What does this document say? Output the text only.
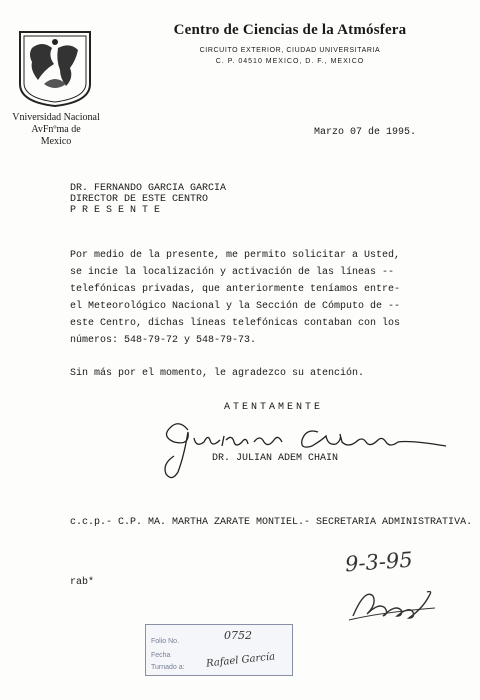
Vniversidad Nacional
AvFnºma de
Mexico
Centro de Ciencias de la Atmósfera
CIRCUITO EXTERIOR, CIUDAD UNIVERSITARIA
C. P. 04510 MEXICO, D. F., MEXICO
Marzo 07 de 1995.
DR. FERNANDO GARCIA GARCIA
DIRECTOR DE ESTE CENTRO
P R E S E N T E
Por medio de la presente, me permito solicitar a Usted,
se incie la localización y activación de las líneas --
telefónicas privadas, que anteriormente teníamos entre-
el Meteorológico Nacional y la Sección de Cómputo de --
este Centro, dichas líneas telefónicas contaban con los
números: 548-79-72 y 548-79-73.
Sin más por el momento, le agradezco su atención.
ATENTAMENTE
DR. JULIAN ADEM CHAIN
c.c.p.- C.P. MA. MARTHA ZARATE MONTIEL.- SECRETARIA ADMINISTRATIVA.
9-3-95
rab*
Folio No.
Fecha
Turnado a:
0752
Rafael García
